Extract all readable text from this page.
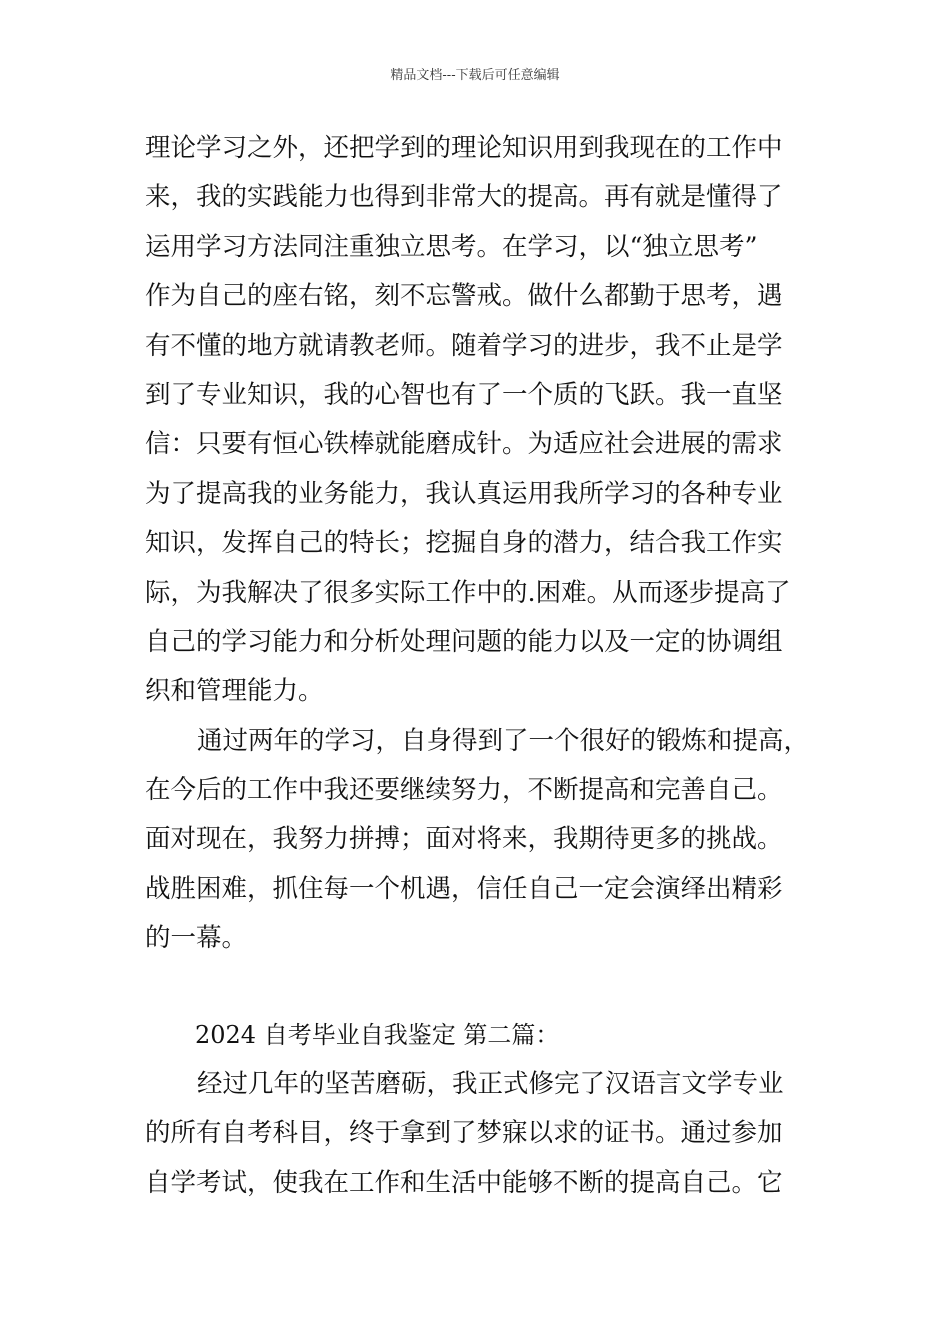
精品文档---下载后可任意编辑
理论学习之外，还把学到的理论知识用到我现在的工作中
来，我的实践能力也得到非常大的提高。再有就是懂得了
运用学习方法同注重独立思考。在学习，以“独立思考”
作为自己的座右铭，刻不忘警戒。做什么都勤于思考，遇
有不懂的地方就请教老师。随着学习的进步，我不止是学
到了专业知识，我的心智也有了一个质的飞跃。我一直坚
信：只要有恒心铁棒就能磨成针。为适应社会进展的需求
为了提高我的业务能力，我认真运用我所学习的各种专业
知识，发挥自己的特长；挖掘自身的潜力，结合我工作实
际，为我解决了很多实际工作中的.困难。从而逐步提高了
自己的学习能力和分析处理问题的能力以及一定的协调组
织和管理能力。
通过两年的学习，自身得到了一个很好的锻炼和提高，
在今后的工作中我还要继续努力，不断提高和完善自己。
面对现在，我努力拼搏；面对将来，我期待更多的挑战。
战胜困难，抓住每一个机遇，信任自己一定会演绎出精彩
的一幕。
2024 自考毕业自我鉴定 第二篇：
经过几年的坚苦磨砺，我正式修完了汉语言文学专业
的所有自考科目，终于拿到了梦寐以求的证书。通过参加
自学考试，使我在工作和生活中能够不断的提高自己。它
